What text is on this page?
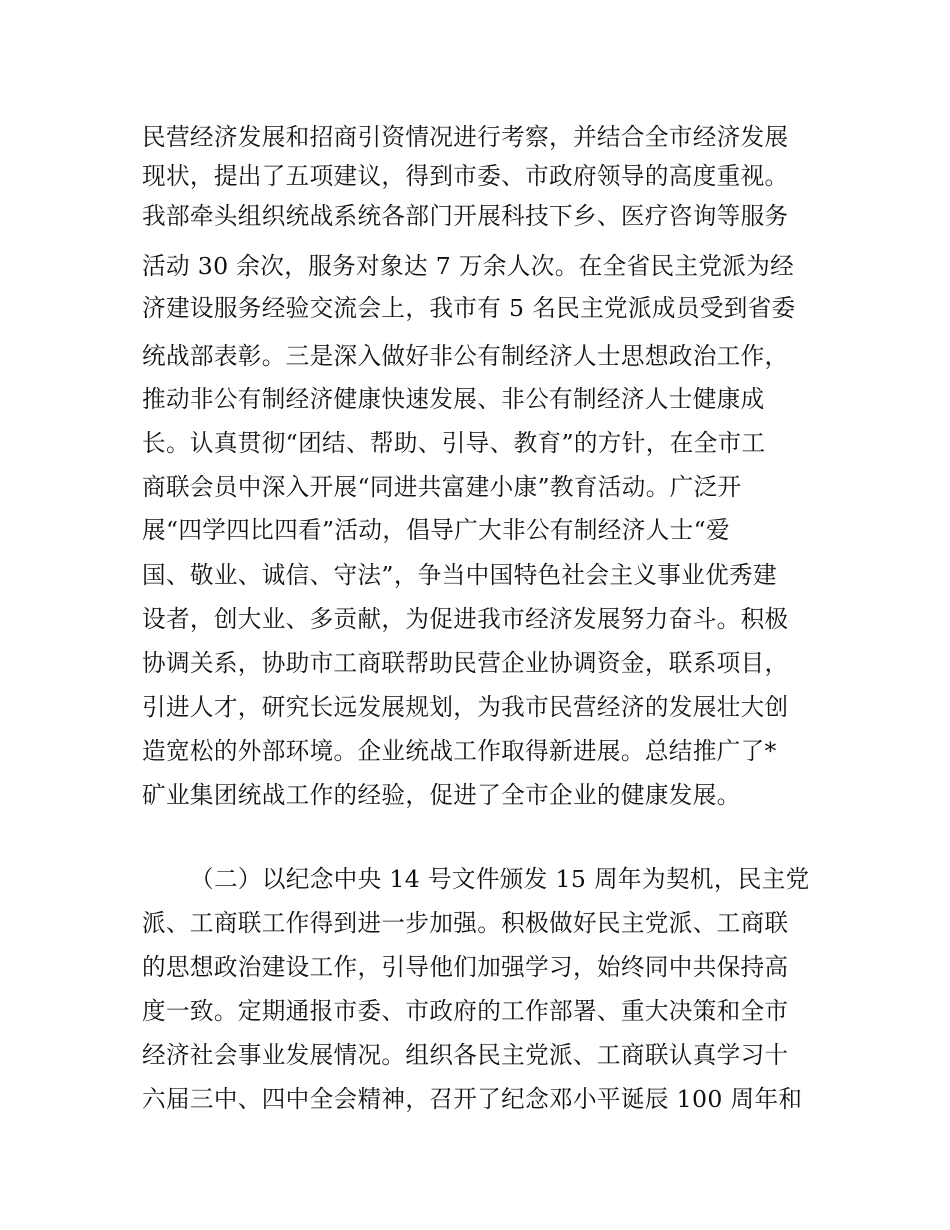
民营经济发展和招商引资情况进行考察，并结合全市经济发展
现状，提出了五项建议，得到市委、市政府领导的高度重视。
我部牵头组织统战系统各部门开展科技下乡、医疗咨询等服务
活动 30 余次，服务对象达 7 万余人次。在全省民主党派为经
济建设服务经验交流会上，我市有 5 名民主党派成员受到省委
统战部表彰。三是深入做好非公有制经济人士思想政治工作，
推动非公有制经济健康快速发展、非公有制经济人士健康成
长。认真贯彻“团结、帮助、引导、教育”的方针，在全市工
商联会员中深入开展“同进共富建小康”教育活动。广泛开
展“四学四比四看”活动，倡导广大非公有制经济人士“爱
国、敬业、诚信、守法”，争当中国特色社会主义事业优秀建
设者，创大业、多贡献，为促进我市经济发展努力奋斗。积极
协调关系，协助市工商联帮助民营企业协调资金，联系项目，
引进人才，研究长远发展规划，为我市民营经济的发展壮大创
造宽松的外部环境。企业统战工作取得新进展。总结推广了*
矿业集团统战工作的经验，促进了全市企业的健康发展。
（二）以纪念中央 14 号文件颁发 15 周年为契机，民主党
派、工商联工作得到进一步加强。积极做好民主党派、工商联
的思想政治建设工作，引导他们加强学习，始终同中共保持高
度一致。定期通报市委、市政府的工作部署、重大决策和全市
经济社会事业发展情况。组织各民主党派、工商联认真学习十
六届三中、四中全会精神，召开了纪念邓小平诞辰 100 周年和
